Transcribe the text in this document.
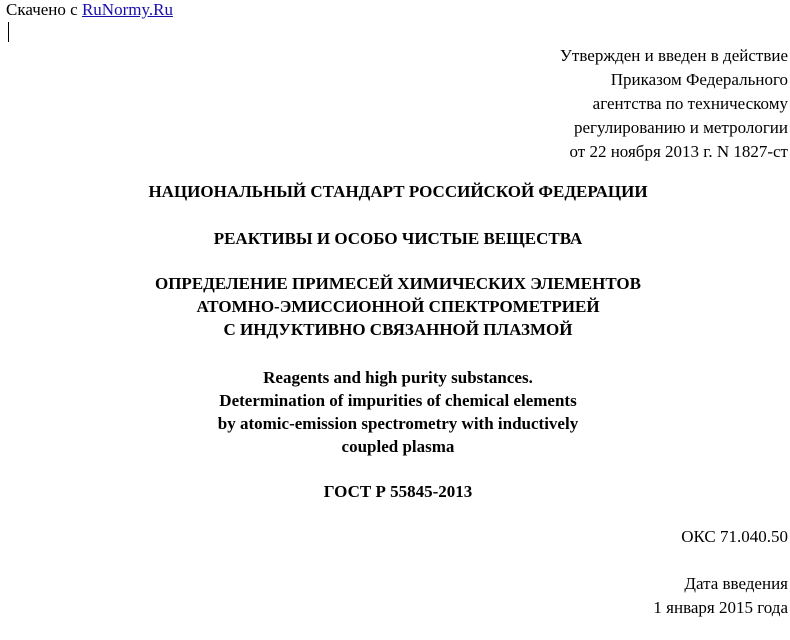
Скачено с RuNormy.Ru
Утвержден и введен в действие
Приказом Федерального
агентства по техническому
регулированию и метрологии
от 22 ноября 2013 г. N 1827-ст
НАЦИОНАЛЬНЫЙ СТАНДАРТ РОССИЙСКОЙ ФЕДЕРАЦИИ
РЕАКТИВЫ И ОСОБО ЧИСТЫЕ ВЕЩЕСТВА
ОПРЕДЕЛЕНИЕ ПРИМЕСЕЙ ХИМИЧЕСКИХ ЭЛЕМЕНТОВ
АТОМНО-ЭМИССИОННОЙ СПЕКТРОМЕТРИЕЙ
С ИНДУКТИВНО СВЯЗАННОЙ ПЛАЗМОЙ
Reagents and high purity substances.
Determination of impurities of chemical elements
by atomic-emission spectrometry with inductively
coupled plasma
ГОСТ Р 55845-2013
ОКС 71.040.50
Дата введения
1 января 2015 года
